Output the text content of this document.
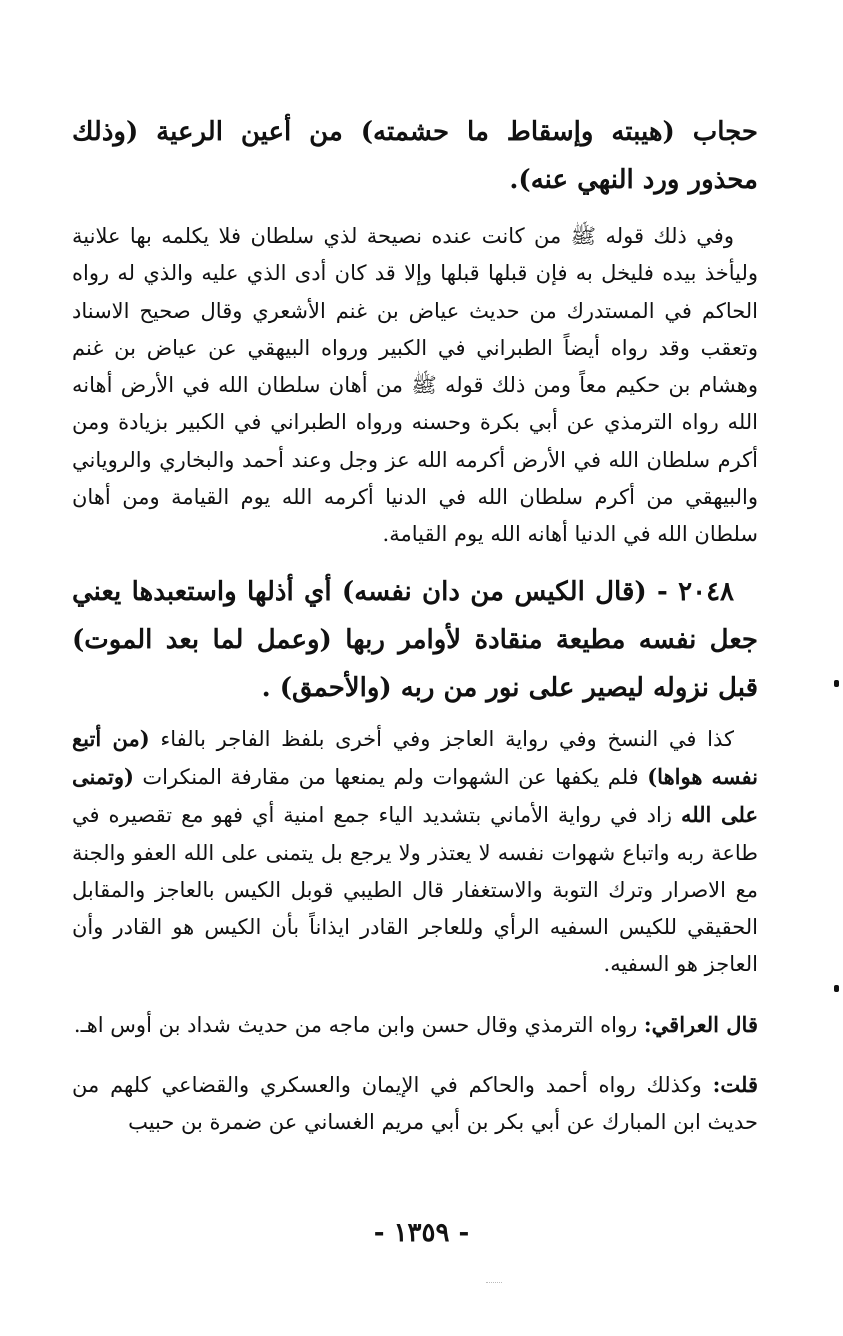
حجاب (هيبته وإسقاط ما حشمته) من أعين الرعية (وذلك محذور ورد النهي عنه).

وفي ذلك قوله ﷺ من كانت عنده نصيحة لذي سلطان فلا يكلمه بها علانية وليأخذ بيده فليخل به فإن قبلها قبلها وإلا قد كان أدى الذي عليه والذي له رواه الحاكم في المستدرك من حديث عياض بن غنم الأشعري وقال صحيح الاسناد وتعقب وقد رواه أيضاً الطبراني في الكبير ورواه البيهقي عن عياض بن غنم وهشام بن حكيم معاً ومن ذلك قوله ﷺ من أهان سلطان الله في الأرض أهانه الله رواه الترمذي عن أبي بكرة وحسنه ورواه الطبراني في الكبير بزيادة ومن أكرم سلطان الله في الأرض أكرمه الله عز وجل وعند أحمد والبخاري والروياني والبيهقي من أكرم سلطان الله في الدنيا أكرمه الله يوم القيامة ومن أهان سلطان الله في الدنيا أهانه الله يوم القيامة.

٢٠٤٨ - (قال الكيس من دان نفسه) أي أذلها واستعبدها يعني جعل نفسه مطيعة منقادة لأوامر ربها (وعمل لما بعد الموت) قبل نزوله ليصير على نور من ربه (والأحمق) .

كذا في النسخ وفي رواية العاجز وفي أخرى بلفظ الفاجر بالفاء (من أتبع نفسه هواها) فلم يكفها عن الشهوات ولم يمنعها من مقارفة المنكرات (وتمنى على الله زاد في رواية الأماني بتشديد الياء جمع امنية أي فهو مع تقصيره في طاعة ربه واتباع شهوات نفسه لا يعتذر ولا يرجع بل يتمنى على الله العفو والجنة مع الاصرار وترك التوبة والاستغفار قال الطيبي قوبل الكيس بالعاجز والمقابل الحقيقي للكيس السفيه الرأي وللعاجر القادر ايذاناً بأن الكيس هو القادر وأن العاجز هو السفيه.

قال العراقي: رواه الترمذي وقال حسن وابن ماجه من حديث شداد بن أوس اهـ.

قلت: وكذلك رواه أحمد والحاكم في الإيمان والعسكري والقضاعي كلهم من حديث ابن المبارك عن أبي بكر بن أبي مريم الغساني عن ضمرة بن حبيب

- ١٣٥٩ -
